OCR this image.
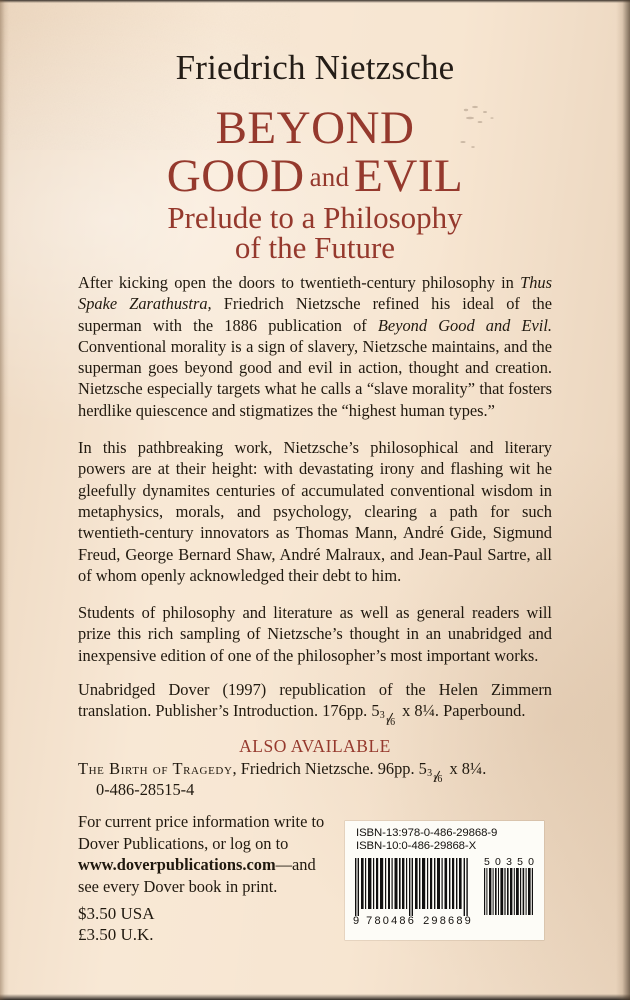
Friedrich Nietzsche
BEYOND
GOOD and EVIL
Prelude to a Philosophy
of the Future

After kicking open the doors to twentieth-century philosophy in Thus Spake Zarathustra, Friedrich Nietzsche refined his ideal of the superman with the 1886 publication of Beyond Good and Evil. Conventional morality is a sign of slavery, Nietzsche maintains, and the superman goes beyond good and evil in action, thought and creation. Nietzsche especially targets what he calls a “slave morality” that fosters herdlike quiescence and stigmatizes the “highest human types.”

In this pathbreaking work, Nietzsche’s philosophical and literary powers are at their height: with devastating irony and flashing wit he gleefully dynamites centuries of accumulated conventional wisdom in metaphysics, morals, and psychology, clearing a path for such twentieth-century innovators as Thomas Mann, André Gide, Sigmund Freud, George Bernard Shaw, André Malraux, and Jean-Paul Sartre, all of whom openly acknowledged their debt to him.

Students of philosophy and literature as well as general readers will prize this rich sampling of Nietzsche’s thought in an unabridged and inexpensive edition of one of the philosopher’s most important works.

Unabridged Dover (1997) republication of the Helen Zimmern translation. Publisher’s Introduction. 176pp. 5 3
16
x 8¼. Paperbound.
ALSO AVAILABLE
The Birth of Tragedy, Friedrich Nietzsche. 96pp. 5 3
16
x 8¼.
0-486-28515-4
For current price information write to Dover Publications, or log on to www.doverpublications.com—and see every Dover book in print.
$3.50 USA
£3.50 U.K.
ISBN-13:978-0-486-29868-9
ISBN-10:0-486-29868-X
9 780486 298689
5 0 3 5 0
